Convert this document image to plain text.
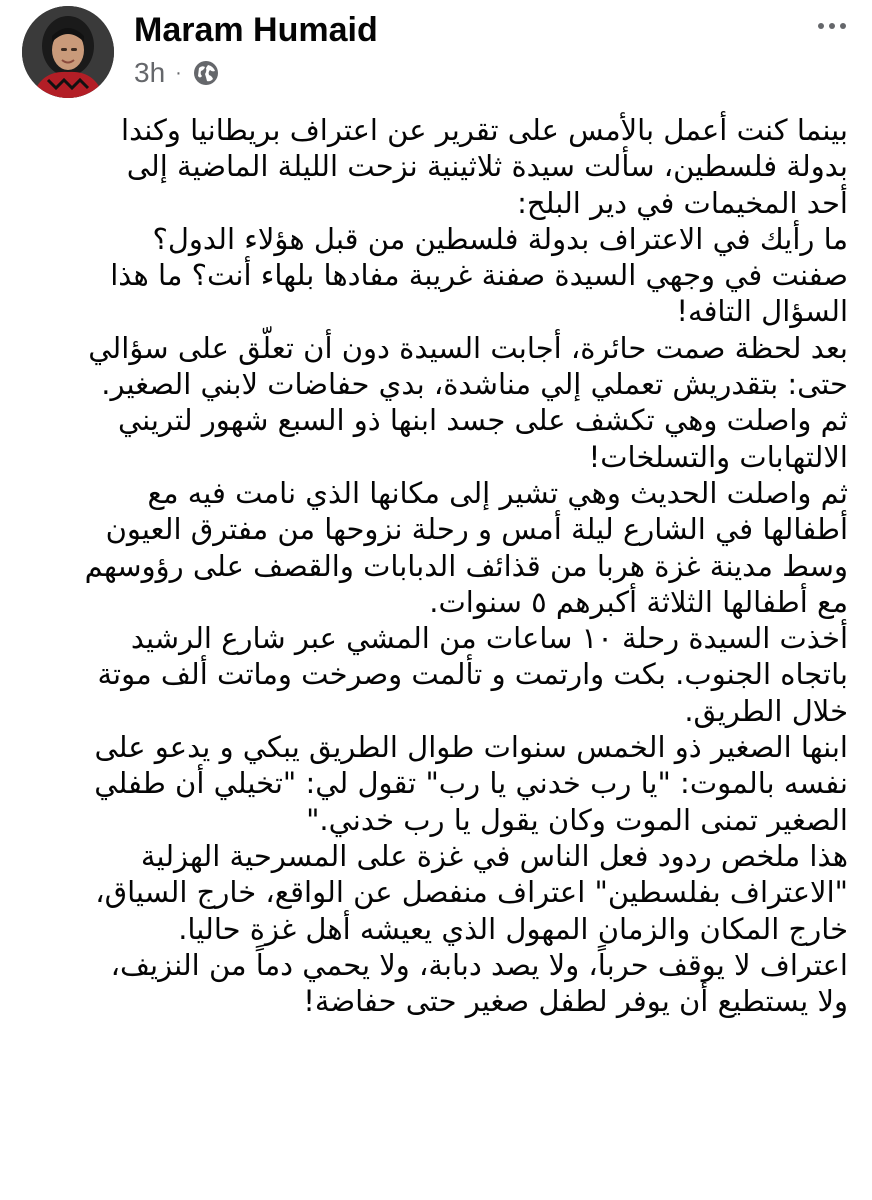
Maram Humaid
3h ·

بينما كنت أعمل بالأمس على تقرير عن اعتراف بريطانيا وكندا
بدولة فلسطين، سألت سيدة ثلاثينية نزحت الليلة الماضية إلى
أحد المخيمات في دير البلح:

ما رأيك في الاعتراف بدولة فلسطين من قبل هؤلاء الدول؟

صفنت في وجهي السيدة صفنة غريبة مفادها بلهاء أنت؟ ما هذا
السؤال التافه!

بعد لحظة صمت حائرة، أجابت السيدة دون أن تعلّق على سؤالي
حتى: بتقدريش تعملي إلي مناشدة، بدي حفاضات لابني الصغير.
ثم واصلت وهي تكشف على جسد ابنها ذو السبع شهور لتريني
الالتهابات والتسلخات!

ثم واصلت الحديث وهي تشير إلى مكانها الذي نامت فيه مع
أطفالها في الشارع ليلة أمس و رحلة نزوحها من مفترق العيون
وسط مدينة غزة هربا من قذائف الدبابات والقصف على رؤوسهم
مع أطفالها الثلاثة أكبرهم ٥ سنوات.

أخذت السيدة رحلة ١٠ ساعات من المشي عبر شارع الرشيد
باتجاه الجنوب. بكت وارتمت و تألمت وصرخت وماتت ألف موتة
خلال الطريق.

ابنها الصغير ذو الخمس سنوات طوال الطريق يبكي و يدعو على
نفسه بالموت: "يا رب خدني يا رب" تقول لي: "تخيلي أن طفلي
الصغير تمنى الموت وكان يقول يا رب خدني."

هذا ملخص ردود فعل الناس في غزة على المسرحية الهزلية
"الاعتراف بفلسطين" اعتراف منفصل عن الواقع، خارج السياق،
خارج المكان والزمان المهول الذي يعيشه أهل غزة حاليا.

اعتراف لا يوقف حرباً، ولا يصد دبابة، ولا يحمي دماً من النزيف،
ولا يستطيع أن يوفر لطفل صغير حتى حفاضة!
